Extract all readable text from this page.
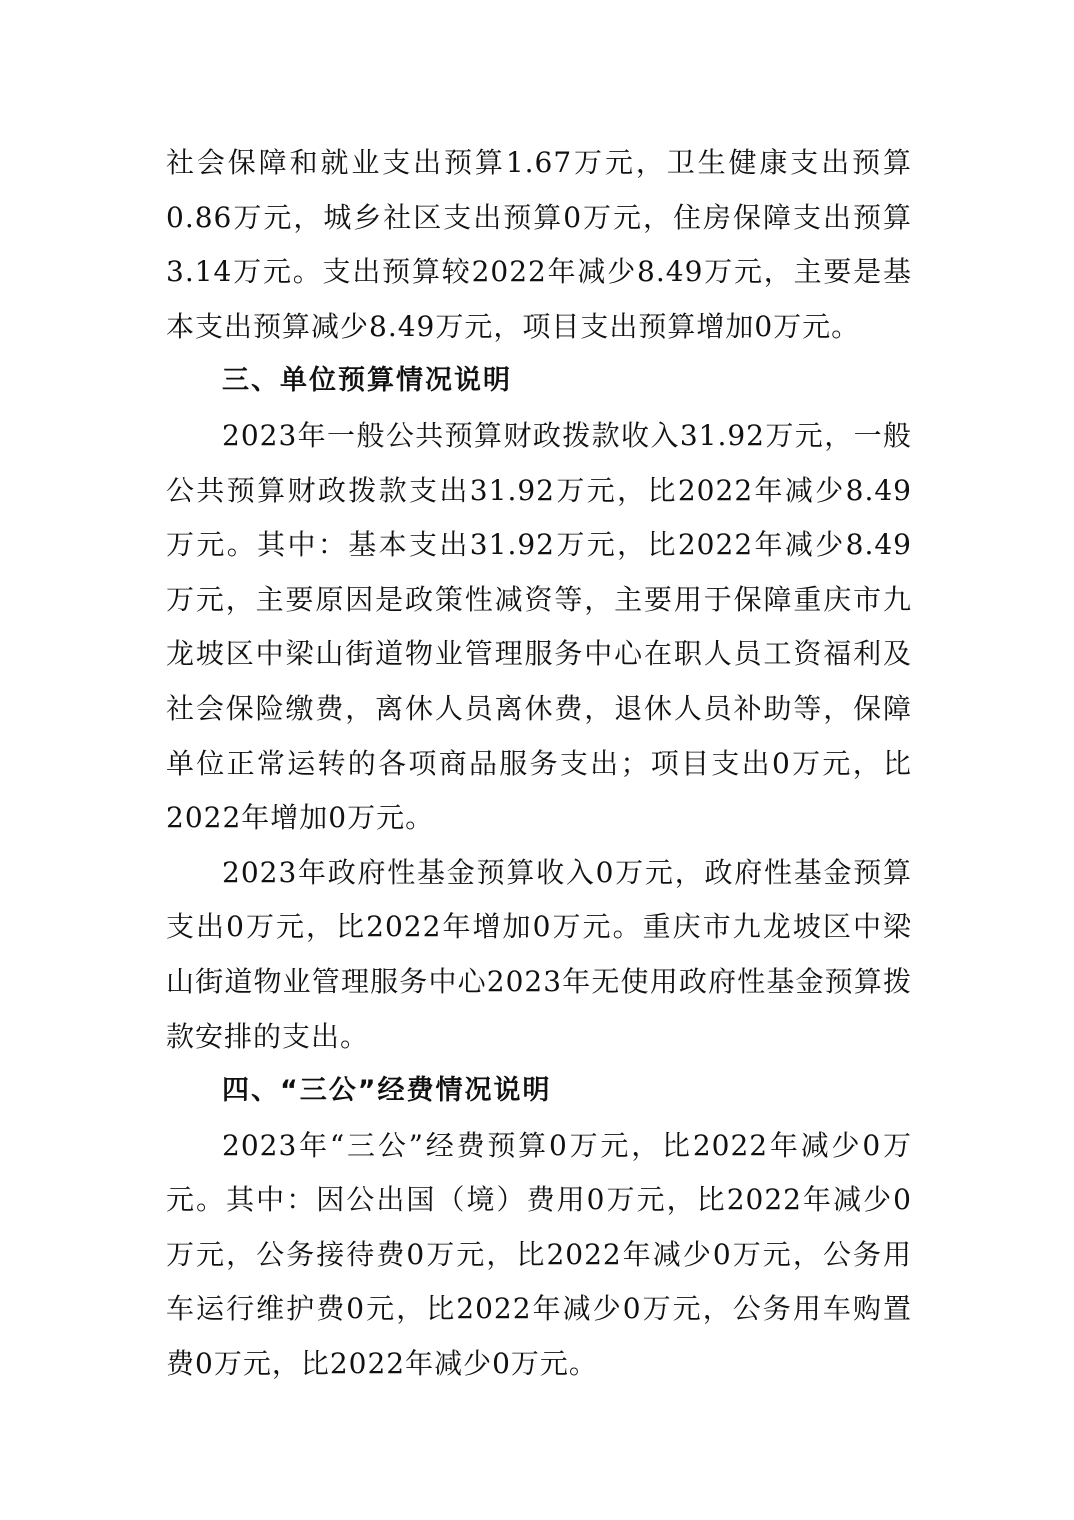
社会保障和就业支出预算1.67万元，卫生健康支出预算0.86万元，城乡社区支出预算0万元，住房保障支出预算3.14万元。支出预算较2022年减少8.49万元，主要是基本支出预算减少8.49万元，项目支出预算增加0万元。

三、单位预算情况说明

2023年一般公共预算财政拨款收入31.92万元，一般公共预算财政拨款支出31.92万元，比2022年减少8.49万元。其中：基本支出31.92万元，比2022年减少8.49万元，主要原因是政策性减资等，主要用于保障重庆市九龙坡区中梁山街道物业管理服务中心在职人员工资福利及社会保险缴费，离休人员离休费，退休人员补助等，保障单位正常运转的各项商品服务支出；项目支出0万元，比2022年增加0万元。

2023年政府性基金预算收入0万元，政府性基金预算支出0万元，比2022年增加0万元。重庆市九龙坡区中梁山街道物业管理服务中心2023年无使用政府性基金预算拨款安排的支出。

四、“三公”经费情况说明

2023年“三公”经费预算0万元，比2022年减少0万元。其中：因公出国（境）费用0万元，比2022年减少0万元，公务接待费0万元，比2022年减少0万元，公务用车运行维护费0元，比2022年减少0万元，公务用车购置费0万元，比2022年减少0万元。
